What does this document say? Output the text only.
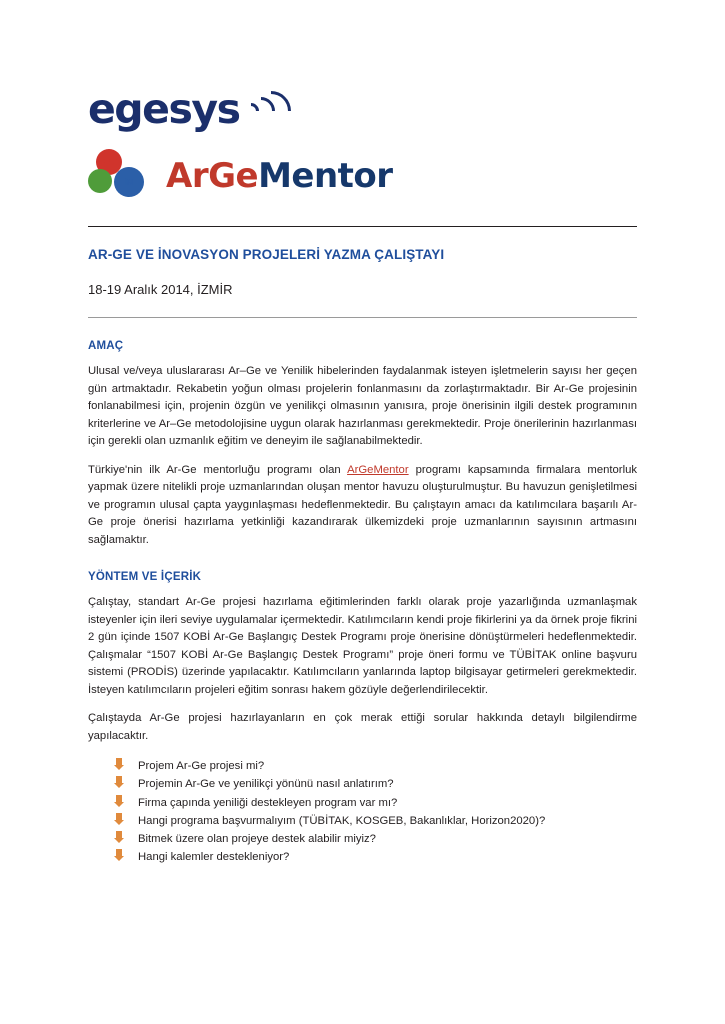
egesys
PRO
İN ArGeMentor
AR-GE VE İNOVASYON PROJELERİ YAZMA ÇALIŞTAYI
18-19 Aralık 2014, İZMİR
AMAÇ

Ulusal ve/veya uluslararası Ar–Ge ve Yenilik hibelerinden faydalanmak isteyen işletmelerin sayısı her geçen gün artmaktadır. Rekabetin yoğun olması projelerin fonlanmasını da zorlaştırmaktadır. Bir Ar-Ge projesinin fonlanabilmesi için, projenin özgün ve yenilikçi olmasının yanısıra, proje önerisinin ilgili destek programının kriterlerine ve Ar–Ge metodolojisine uygun olarak hazırlanması gerekmektedir. Proje önerilerinin hazırlanması için gerekli olan uzmanlık eğitim ve deneyim ile sağlanabilmektedir.

Türkiye'nin ilk Ar-Ge mentorluğu programı olan ArGeMentor programı kapsamında firmalara mentorluk yapmak üzere nitelikli proje uzmanlarından oluşan mentor havuzu oluşturulmuştur. Bu havuzun genişletilmesi ve programın ulusal çapta yaygınlaşması hedeflenmektedir. Bu çalıştayın amacı da katılımcılara başarılı Ar-Ge proje önerisi hazırlama yetkinliği kazandırarak ülkemizdeki proje uzmanlarının sayısının artmasını sağlamaktır.

YÖNTEM VE İÇERİK

Çalıştay, standart Ar-Ge projesi hazırlama eğitimlerinden farklı olarak proje yazarlığında uzmanlaşmak isteyenler için ileri seviye uygulamalar içermektedir. Katılımcıların kendi proje fikirlerini ya da örnek proje fikrini 2 gün içinde 1507 KOBİ Ar-Ge Başlangıç Destek Programı proje önerisine dönüştürmeleri hedeflenmektedir. Çalışmalar “1507 KOBİ Ar-Ge Başlangıç Destek Programı” proje öneri formu ve TÜBİTAK online başvuru sistemi (PRODİS) üzerinde yapılacaktır. Katılımcıların yanlarında laptop bilgisayar getirmeleri gerekmektedir. İsteyen katılımcıların projeleri eğitim sonrası hakem gözüyle değerlendirilecektir.

Çalıştayda Ar-Ge projesi hazırlayanların en çok merak ettiği sorular hakkında detaylı bilgilendirme yapılacaktır.

Projem Ar-Ge projesi mi?
Projemin Ar-Ge ve yenilikçi yönünü nasıl anlatırım?
Firma çapında yeniliği destekleyen program var mı?
Hangi programa başvurmalıyım (TÜBİTAK, KOSGEB, Bakanlıklar, Horizon2020)?
Bitmek üzere olan projeye destek alabilir miyiz?
Hangi kalemler destekleniyor?
